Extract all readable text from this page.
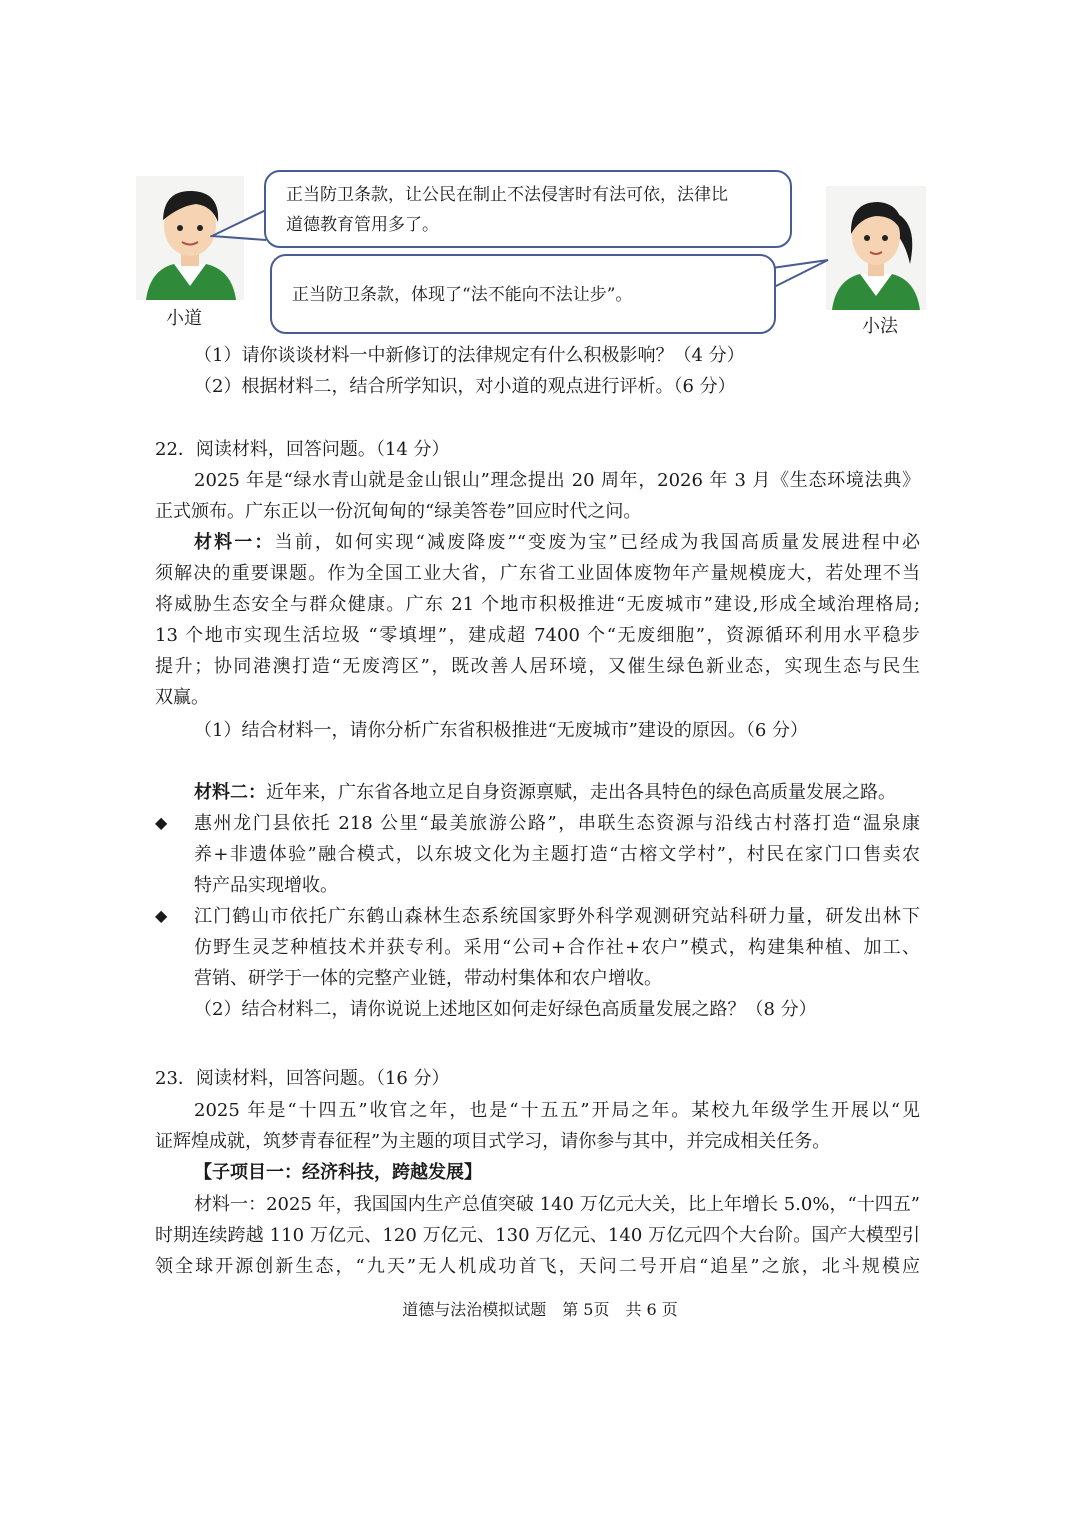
小道	小法
正当防卫条款，让公民在制止不法侵害时有法可依，法律比
道德教育管用多了。
正当防卫条款，体现了“法不能向不法让步”。
（1）请你谈谈材料一中新修订的法律规定有什么积极影响？（4 分）
（2）根据材料二，结合所学知识，对小道的观点进行评析。（6 分）
22．阅读材料，回答问题。（14 分）
2025 年是“绿水青山就是金山银山”理念提出 20 周年，2026 年 3 月《生态环境法典》
正式颁布。广东正以一份沉甸甸的“绿美答卷”回应时代之问。
材料一：当前，如何实现“减废降废”“变废为宝”已经成为我国高质量发展进程中必
须解决的重要课题。作为全国工业大省，广东省工业固体废物年产量规模庞大，若处理不当
将威胁生态安全与群众健康。广东 21 个地市积极推进“无废城市”建设,形成全域治理格局;
13 个地市实现生活垃圾 “零填埋”，建成超 7400 个“无废细胞”，资源循环利用水平稳步
提升；协同港澳打造“无废湾区”，既改善人居环境，又催生绿色新业态，实现生态与民生
双赢。
（1）结合材料一，请你分析广东省积极推进“无废城市”建设的原因。（6 分）
材料二：近年来，广东省各地立足自身资源禀赋，走出各具特色的绿色高质量发展之路。
◆ 惠州龙门县依托 218 公里“最美旅游公路”，串联生态资源与沿线古村落打造“温泉康
养+非遗体验”融合模式，以东坡文化为主题打造“古榕文学村”，村民在家门口售卖农
特产品实现增收。
◆ 江门鹤山市依托广东鹤山森林生态系统国家野外科学观测研究站科研力量，研发出林下
仿野生灵芝种植技术并获专利。采用“公司+合作社+农户”模式，构建集种植、加工、
营销、研学于一体的完整产业链，带动村集体和农户增收。
（2）结合材料二，请你说说上述地区如何走好绿色高质量发展之路？（8 分）
23．阅读材料，回答问题。（16 分）
2025 年是“十四五”收官之年，也是“十五五”开局之年。某校九年级学生开展以“见
证辉煌成就，筑梦青春征程”为主题的项目式学习，请你参与其中，并完成相关任务。
【子项目一：经济科技，跨越发展】
材料一：2025 年，我国国内生产总值突破 140 万亿元大关，比上年增长 5.0%，“十四五”
时期连续跨越 110 万亿元、120 万亿元、130 万亿元、140 万亿元四个大台阶。国产大模型引
领全球开源创新生态，“九天”无人机成功首飞，天问二号开启“追星”之旅，北斗规模应
道德与法治模拟试题　第 5页　共 6 页
